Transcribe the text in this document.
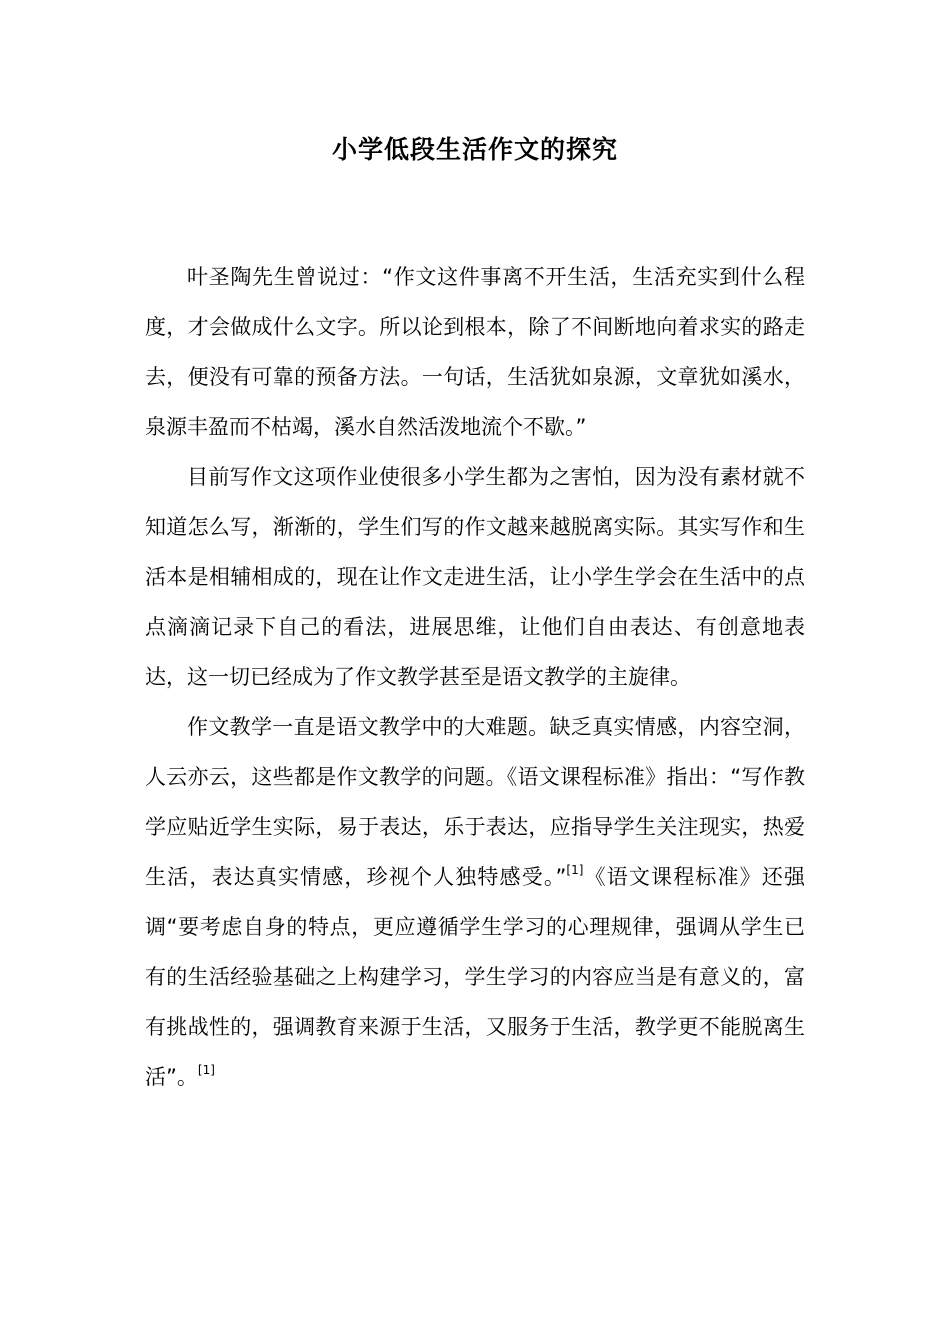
小学低段生活作文的探究

叶圣陶先生曾说过：“作文这件事离不开生活，生活充实到什么程度，才会做成什么文字。所以论到根本，除了不间断地向着求实的路走去，便没有可靠的预备方法。一句话，生活犹如泉源，文章犹如溪水，泉源丰盈而不枯竭，溪水自然活泼地流个不歇。”

目前写作文这项作业使很多小学生都为之害怕，因为没有素材就不知道怎么写，渐渐的，学生们写的作文越来越脱离实际。其实写作和生活本是相辅相成的，现在让作文走进生活，让小学生学会在生活中的点点滴滴记录下自己的看法，进展思维，让他们自由表达、有创意地表达，这一切已经成为了作文教学甚至是语文教学的主旋律。

作文教学一直是语文教学中的大难题。缺乏真实情感，内容空洞，人云亦云，这些都是作文教学的问题。《语文课程标准》指出：“写作教学应贴近学生实际，易于表达，乐于表达，应指导学生关注现实，热爱生活，表达真实情感，珍视个人独特感受。”[1]《语文课程标准》还强调“要考虑自身的特点，更应遵循学生学习的心理规律，强调从学生已有的生活经验基础之上构建学习，学生学习的内容应当是有意义的，富有挑战性的，强调教育来源于生活，又服务于生活，教学更不能脱离生活”。[1]
